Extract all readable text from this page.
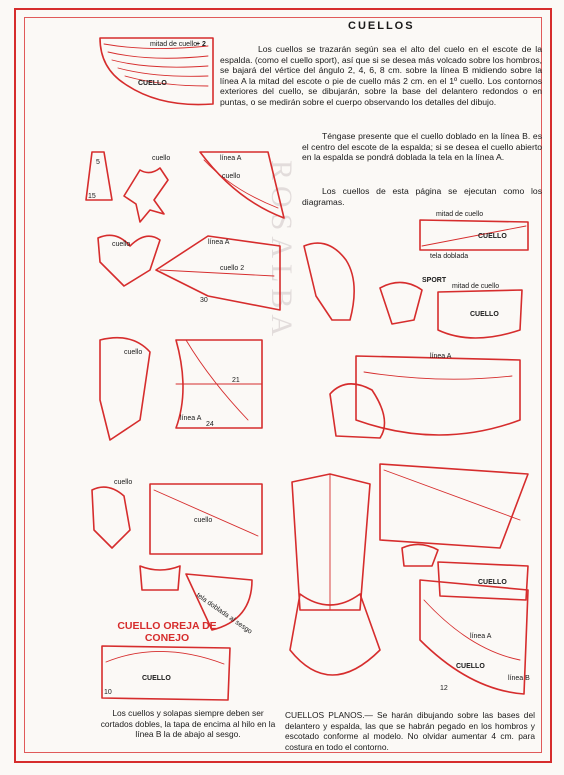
ROSALBA
CUELLOS
Los cuellos se trazarán según sea el alto del cuelo en el escote de la espalda. (como el cuello sport), así que si se desea más volcado sobre los hombros, se bajará del vértice del ángulo 2, 4, 6, 8 cm. sobre la línea B midiendo sobre la línea A la mitad del escote o pie de cuello más 2 cm. en el 1º cuello. Los contornos exteriores del cuello, se dibujarán, sobre la base del delantero redondos o en puntas, o se medirán sobre el cuerpo observando los detalles del dibujo.
Téngase presente que el cuello doblado en la línea B. es el centro del escote de la espalda; si se desea el cuello abierto en la espalda se pondrá doblada la tela en la línea A.
Los cuellos de esta página se ejecutan como los diagramas.
mitad de cuello
+ 2
CUELLO
línea A
cuello
cuello
5
15
línea A
cuello 2
cuello
30
mitad de cuello
CUELLO
tela doblada
SPORT
mitad de cuello
CUELLO
cuello
21
línea A
24
línea A
cuello
cuello
tela doblada al sesgo
CUELLO
10
CUELLO
línea A
CUELLO
12
línea B
CUELLO OREJA DE CONEJO
Los cuellos y solapas siempre deben ser cortados dobles, la tapa de encima al hilo en la línea B la de abajo al sesgo.
CUELLOS PLANOS.— Se harán dibujando sobre las bases del delantero y espalda, las que se habrán pegado en los hombros y escotado conforme al modelo. No olvidar aumentar 4 cm. para costura en todo el contorno.
